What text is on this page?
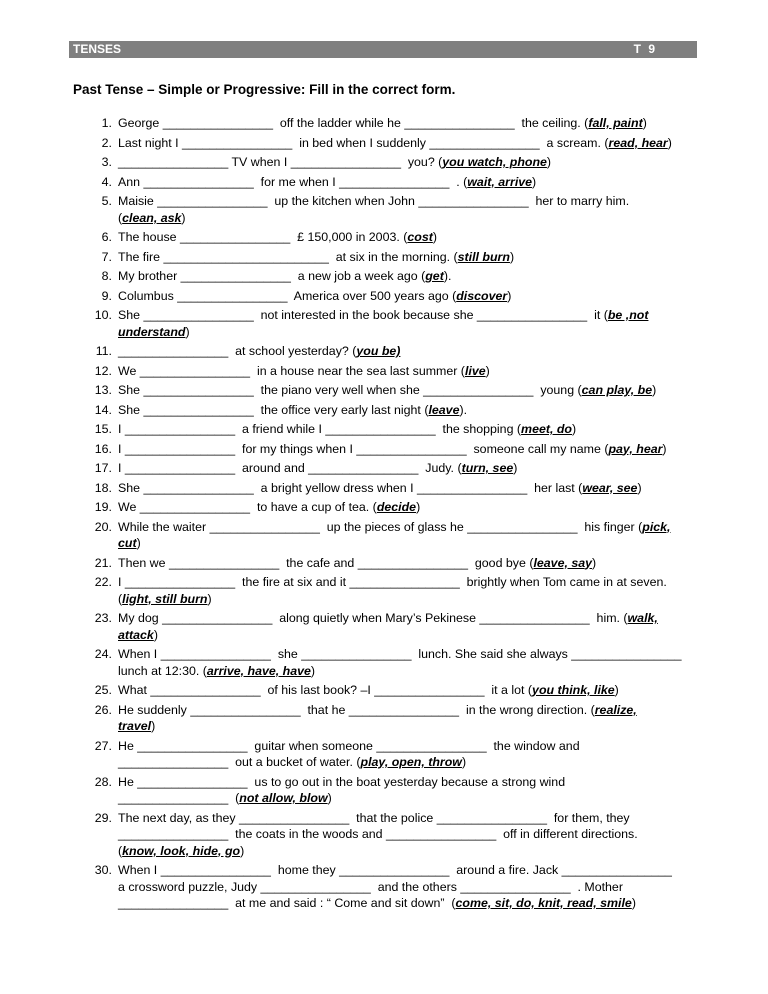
TENSES	T 9
Past Tense – Simple or Progressive: Fill in the correct form.
1. George ________________  off the ladder while he ________________  the ceiling. (fall, paint)
2. Last night I ________________  in bed when I suddenly ________________  a scream. (read, hear)
3. ________________ TV when I ________________  you? (you watch, phone)
4. Ann ________________  for me when I ________________  . (wait, arrive)
5. Maisie ________________  up the kitchen when John ________________  her to marry him.
(clean, ask)
6. The house ________________  £ 150,000 in 2003. (cost)
7. The fire ________________________  at six in the morning. (still burn)
8. My brother ________________  a new job a week ago (get).
9. Columbus ________________  America over 500 years ago (discover)
10. She ________________  not interested in the book because she ________________  it (be ,not
understand)
11. ________________  at school yesterday? (you be)
12. We ________________  in a house near the sea last summer (live)
13. She ________________  the piano very well when she ________________  young (can play, be)
14. She ________________  the office very early last night (leave).
15. I ________________  a friend while I ________________  the shopping (meet, do)
16. I ________________  for my things when I ________________  someone call my name (pay, hear)
17. I ________________  around and ________________  Judy. (turn, see)
18. She ________________  a bright yellow dress when I ________________  her last (wear, see)
19. We ________________  to have a cup of tea. (decide)
20. While the waiter ________________  up the pieces of glass he ________________  his finger (pick,
cut)
21. Then we ________________  the cafe and ________________  good bye (leave, say)
22. I ________________  the fire at six and it ________________  brightly when Tom came in at seven.
(light, still burn)
23. My dog ________________  along quietly when Mary’s Pekinese ________________  him. (walk,
attack)
24. When I ________________  she ________________  lunch. She said she always ________________
lunch at 12:30. (arrive, have, have)
25. What ________________  of his last book? –I ________________  it a lot (you think, like)
26. He suddenly ________________  that he ________________  in the wrong direction. (realize,
travel)
27. He ________________  guitar when someone ________________  the window and
________________  out a bucket of water. (play, open, throw)
28. He ________________  us to go out in the boat yesterday because a strong wind
________________  (not allow, blow)
29. The next day, as they ________________  that the police ________________  for them, they
________________  the coats in the woods and ________________  off in different directions.
(know, look, hide, go)
30. When I ________________  home they ________________  around a fire. Jack ________________
a crossword puzzle, Judy ________________  and the others ________________  . Mother
________________  at me and said : “ Come and sit down”  (come, sit, do, knit, read, smile)
